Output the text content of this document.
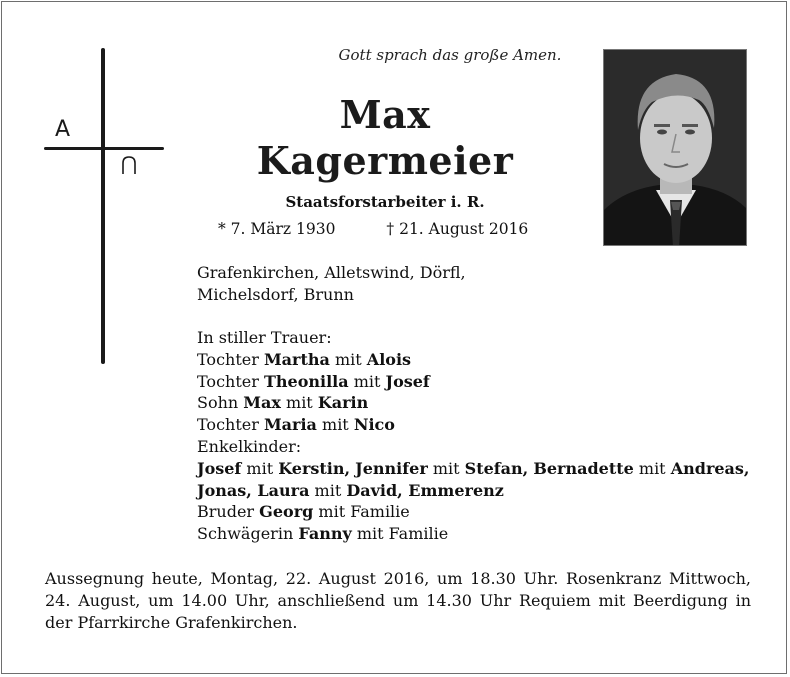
A
Gott sprach das große Amen.
Max
Kagermeier
Staatsforstarbeiter i. R.
* 7. März 1930	† 21. August 2016
Grafenkirchen, Alletswind, Dörfl,
Michelsdorf, Brunn
In stiller Trauer:
Tochter Martha mit Alois
Tochter Theonilla mit Josef
Sohn Max mit Karin
Tochter Maria mit Nico
Enkelkinder:
Josef mit Kerstin, Jennifer mit Stefan, Bernadette mit Andreas,
Jonas, Laura mit David, Emmerenz
Bruder Georg mit Familie
Schwägerin Fanny mit Familie
Aussegnung heute, Montag, 22. August 2016, um 18.30 Uhr. Rosenkranz Mittwoch, 24. August, um 14.00 Uhr, anschließend um 14.30 Uhr Requiem mit Beerdigung in der Pfarrkirche Grafenkirchen.
